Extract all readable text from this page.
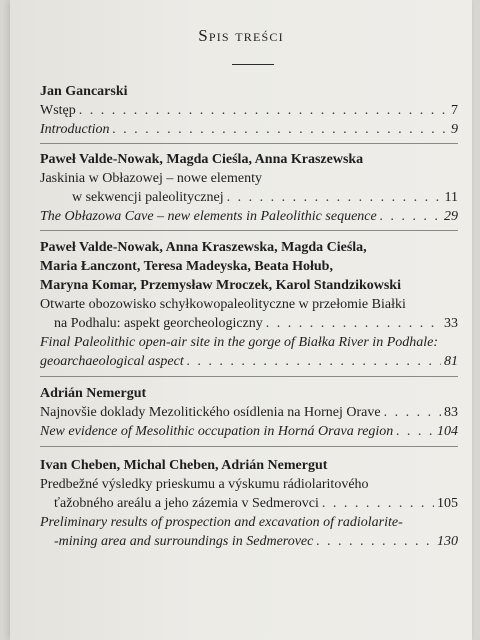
Spis treści
Jan Gancarski
Wstęp . . .	7
Introduction . . .	9
Paweł Valde-Nowak, Magda Cieśla, Anna Kraszewska
Jaskinia w Obłazowej – nowe elementy
w sekwencji paleolitycznej . . .	11
The Obłazowa Cave – new elements in Paleolithic sequence . . .	29
Paweł Valde-Nowak, Anna Kraszewska, Magda Cieśla,
Maria Łanczont, Teresa Madeyska, Beata Hołub,
Maryna Komar, Przemysław Mroczek, Karol Standzikowski
Otwarte obozowisko schyłkowopaleolityczne w przełomie Białki
na Podhalu: aspekt georcheologiczny . . .	33
Final Paleolithic open-air site in the gorge of Białka River in Podhale:
geoarchaeological aspect . . .	81
Adrián Nemergut
Najnovšie doklady Mezolitického osídlenia na Hornej Orave . . .	83
New evidence of Mesolithic occupation in Horná Orava region . . .	104
Ivan Cheben, Michal Cheben, Adrián Nemergut
Predbežné výsledky prieskumu a výskumu rádiolaritového
ťažobného areálu a jeho zázemia v Sedmerovci . . .	105
Preliminary results of prospection and excavation of radiolarite-
-mining area and surroundings in Sedmerovec . . .	130
